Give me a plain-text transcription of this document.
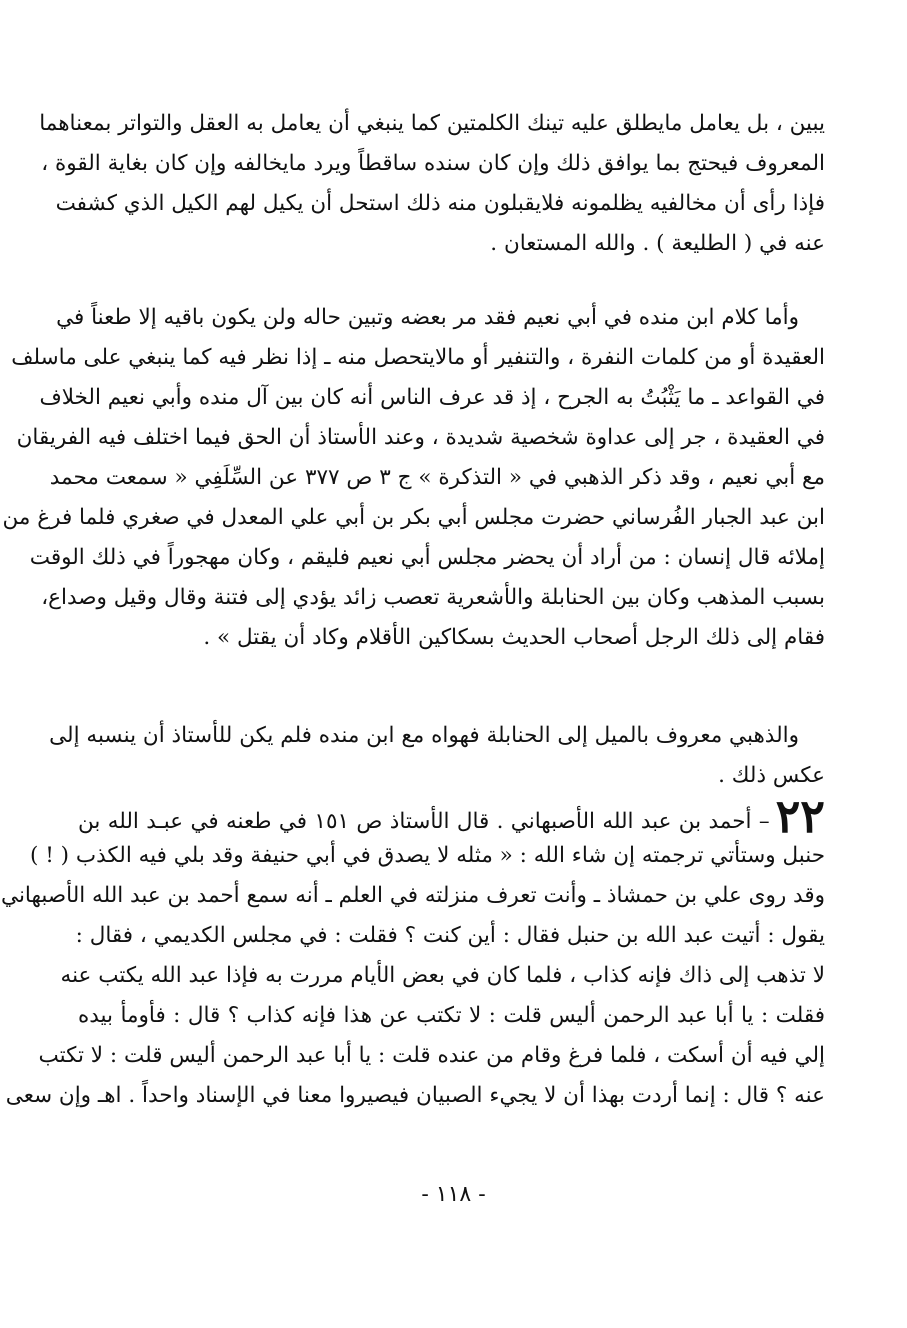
يبين ، بل يعامل مايطلق عليه تينك الكلمتين كما ينبغي أن يعامل به العقل والتواتر بمعناهما
المعروف فيحتج بما يوافق ذلك وإن كان سنده ساقطاً ويرد مايخالفه وإن كان بغاية القوة ،
فإذا رأى أن مخالفيه يظلمونه فلايقبلون منه ذلك استحل أن يكيل لهم الكيل الذي كشفت
عنه في ( الطليعة ) . والله المستعان .
وأما كلام ابن منده في أبي نعيم فقد مر بعضه وتبين حاله ولن يكون باقيه إلا طعناً في
العقيدة أو من كلمات النفرة ، والتنفير أو مالايتحصل منه ـ إذا نظر فيه كما ينبغي على ماسلف
في القواعد ـ ما يَثْبُتُ به الجرح ، إذ قد عرف الناس أنه كان بين آل منده وأبي نعيم الخلاف
في العقيدة ، جر إلى عداوة شخصية شديدة ، وعند الأستاذ أن الحق فيما اختلف فيه الفريقان
مع أبي نعيم ، وقد ذكر الذهبي في « التذكرة » ج ٣ ص ٣٧٧ عن السِّلَفِي « سمعت محمد
ابن عبد الجبار الفُرساني حضرت مجلس أبي بكر بن أبي علي المعدل في صغري فلما فرغ من
إملائه قال إنسان : من أراد أن يحضر مجلس أبي نعيم فليقم ، وكان مهجوراً في ذلك الوقت
بسبب المذهب وكان بين الحنابلة والأشعرية تعصب زائد يؤدي إلى فتنة وقال وقيل وصداع،
فقام إلى ذلك الرجل أصحاب الحديث بسكاكين الأقلام وكاد أن يقتل » .
والذهبي معروف بالميل إلى الحنابلة فهواه مع ابن منده فلم يكن للأستاذ أن ينسبه إلى
عكس ذلك .
٢٢– أحمد بن عبد الله الأصبهاني . قال الأستاذ ص ١٥١ في طعنه في عبـد الله بن
حنبل وستأتي ترجمته إن شاء الله : « مثله لا يصدق في أبي حنيفة وقد بلي فيه الكذب ( ! )
وقد روى علي بن حمشاذ ـ وأنت تعرف منزلته في العلم ـ أنه سمع أحمد بن عبد الله الأصبهاني
يقول : أتيت عبد الله بن حنبل فقال : أين كنت ؟ فقلت : في مجلس الكديمي ، فقال :
لا تذهب إلى ذاك فإنه كذاب ، فلما كان في بعض الأيام مررت به فإذا عبد الله يكتب عنه
فقلت : يا أبا عبد الرحمن أليس قلت : لا تكتب عن هذا فإنه كذاب ؟ قال : فأومأ بيده
إلي فيه أن أسكت ، فلما فرغ وقام من عنده قلت : يا أبا عبد الرحمن أليس قلت : لا تكتب
عنه ؟ قال : إنما أردت بهذا أن لا يجيء الصبيان فيصيروا معنا في الإسناد واحداً . اهـ وإن سعى
- ١١٨ -
